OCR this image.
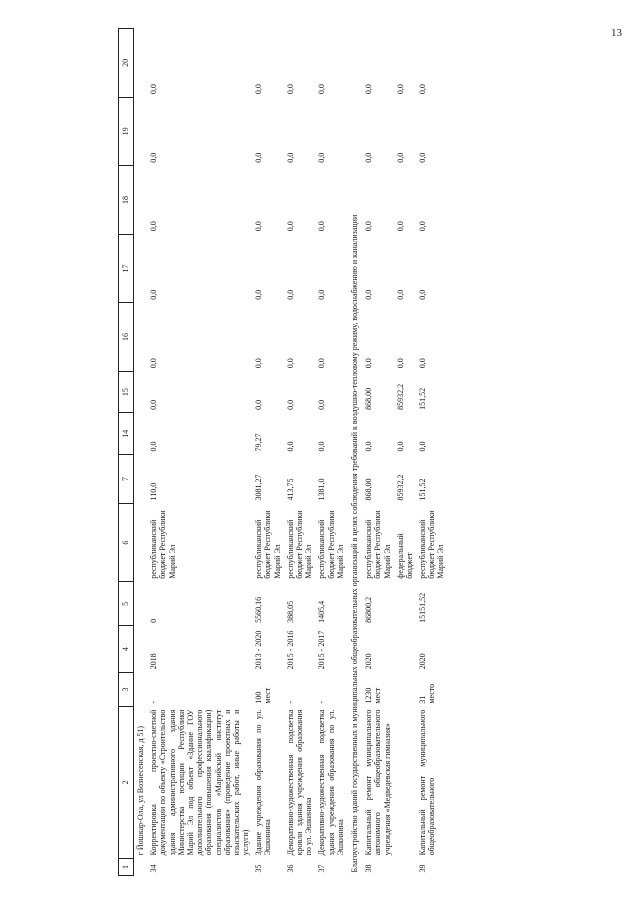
13
1	2	3	4	5	6	7	14	15	16	17	18	19	20
	г Йошкар-Ола, ул Вознесенская, д 51)												
34	Корректировка проектно-сметной документации по объекту «Строительство здания административного здания Министерства юстиции Республики Марий Эл под объект «Здание ГОУ дополнительного профессионального образования (повышения квалификации) специалистов «Марийский институт образования» (проведение проектных и изыскательских работ, иные работы и услуги)	-	2018	0	республиканский бюджет Республики Марий Эл	110,0	0,0	0,0	0,0	0,0	0,0	0,0	0,0
35	Здание учреждения образования по ул. Эшкинина	100 мест	2013 - 2020	5560,16	республиканский бюджет Республики Марий Эл	3081,27	79,27	0,0	0,0	0,0	0,0	0,0	0,0
36	Декоративно-художественная подсветка кровли здания учреждения образования по ул. Эшкинина	-	2015 - 2016	388,05	республиканский бюджет Республики Марий Эл	413,75	0,0	0,0	0,0	0,0	0,0	0,0	0,0
37	Декоративно-художественная подсветка здания учреждения образования по ул. Эшкинина	-	2015 - 2017	1405,4	республиканский бюджет Республики Марий Эл	1381,0	0,0	0,0	0,0	0,0	0,0	0,0	0,0
Благоустройство зданий государственных и муниципальных общеобразовательных организаций в целях соблюдения требований к воздушно-тепловому режиму, водоснабжению и канализации													
38	Капитальный ремонт муниципального автономного общеобразовательного учреждения «Медведевская гимназия»	1230 мест	2020	86800,2	республиканский бюджет Республики Марий Эл	868,00	0,0	868,00	0,0	0,0	0,0	0,0	0,0
					федеральный бюджет	85932,2	0,0	85932,2	0,0	0,0	0,0	0,0	0,0
39	Капитальный ремонт муниципального общеобразовательного	31 место	2020	15151,52	республиканский бюджет Республики Марий Эл	151,52	0,0	151,52	0,0	0,0	0,0	0,0	0,0
